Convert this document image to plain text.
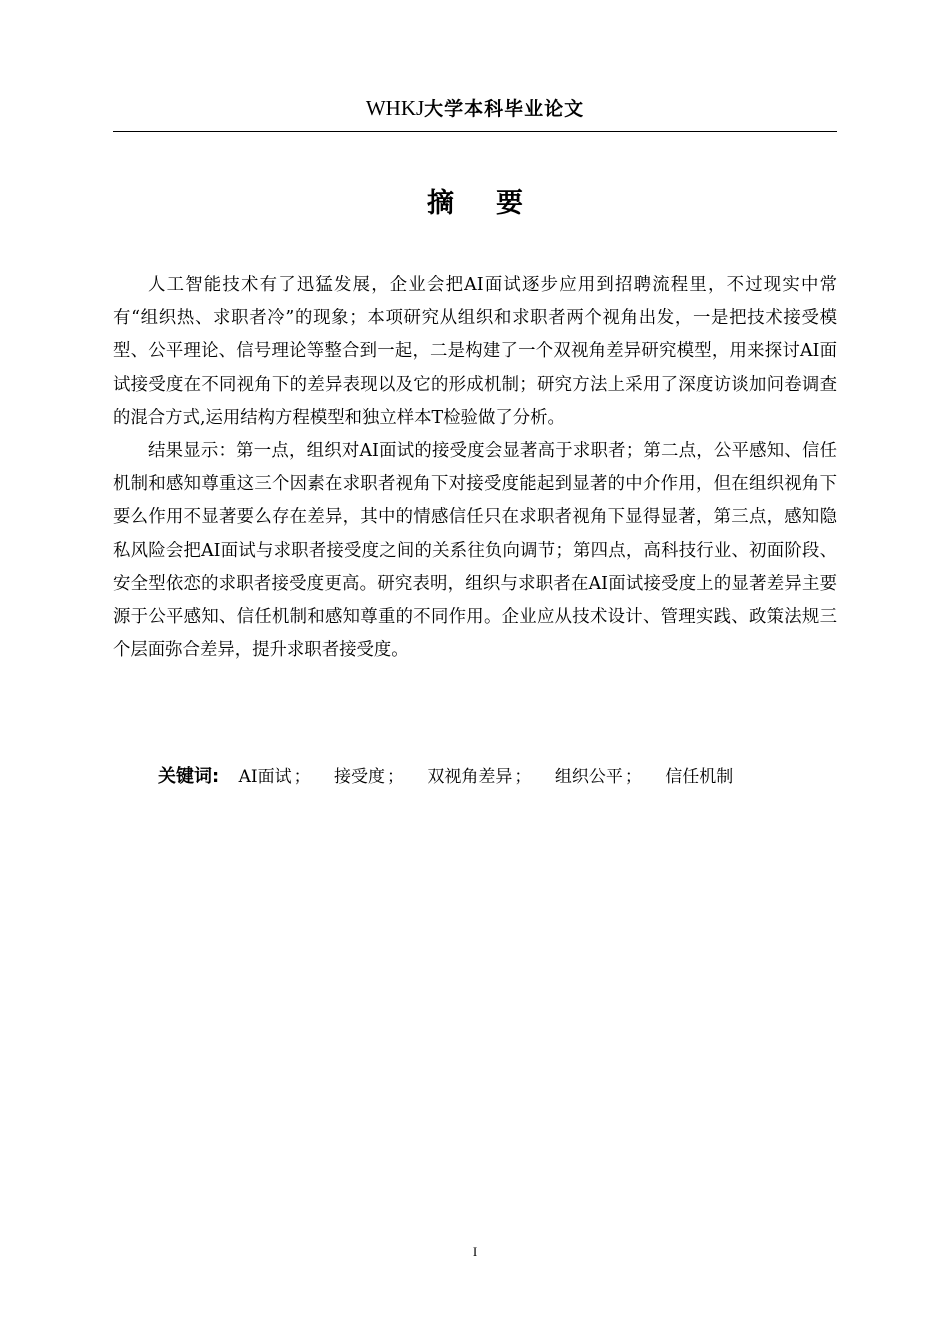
WHKJ大学本科毕业论文
摘要

人工智能技术有了迅猛发展，企业会把AI面试逐步应用到招聘流程里，不过现实中常有“组织热、求职者冷”的现象；本项研究从组织和求职者两个视角出发，一是把技术接受模型、公平理论、信号理论等整合到一起，二是构建了一个双视角差异研究模型，用来探讨AI面试接受度在不同视角下的差异表现以及它的形成机制；研究方法上采用了深度访谈加问卷调查的混合方式,运用结构方程模型和独立样本T检验做了分析。

结果显示：第一点，组织对AI面试的接受度会显著高于求职者；第二点，公平感知、信任机制和感知尊重这三个因素在求职者视角下对接受度能起到显著的中介作用，但在组织视角下要么作用不显著要么存在差异，其中的情感信任只在求职者视角下显得显著，第三点，感知隐私风险会把AI面试与求职者接受度之间的关系往负向调节；第四点，高科技行业、初面阶段、安全型依恋的求职者接受度更高。研究表明，组织与求职者在AI面试接受度上的显著差异主要源于公平感知、信任机制和感知尊重的不同作用。企业应从技术设计、管理实践、政策法规三个层面弥合差异，提升求职者接受度。

关键词: AI面试 ； 接受度 ； 双视角差异 ； 组织公平 ； 信任机制
I
